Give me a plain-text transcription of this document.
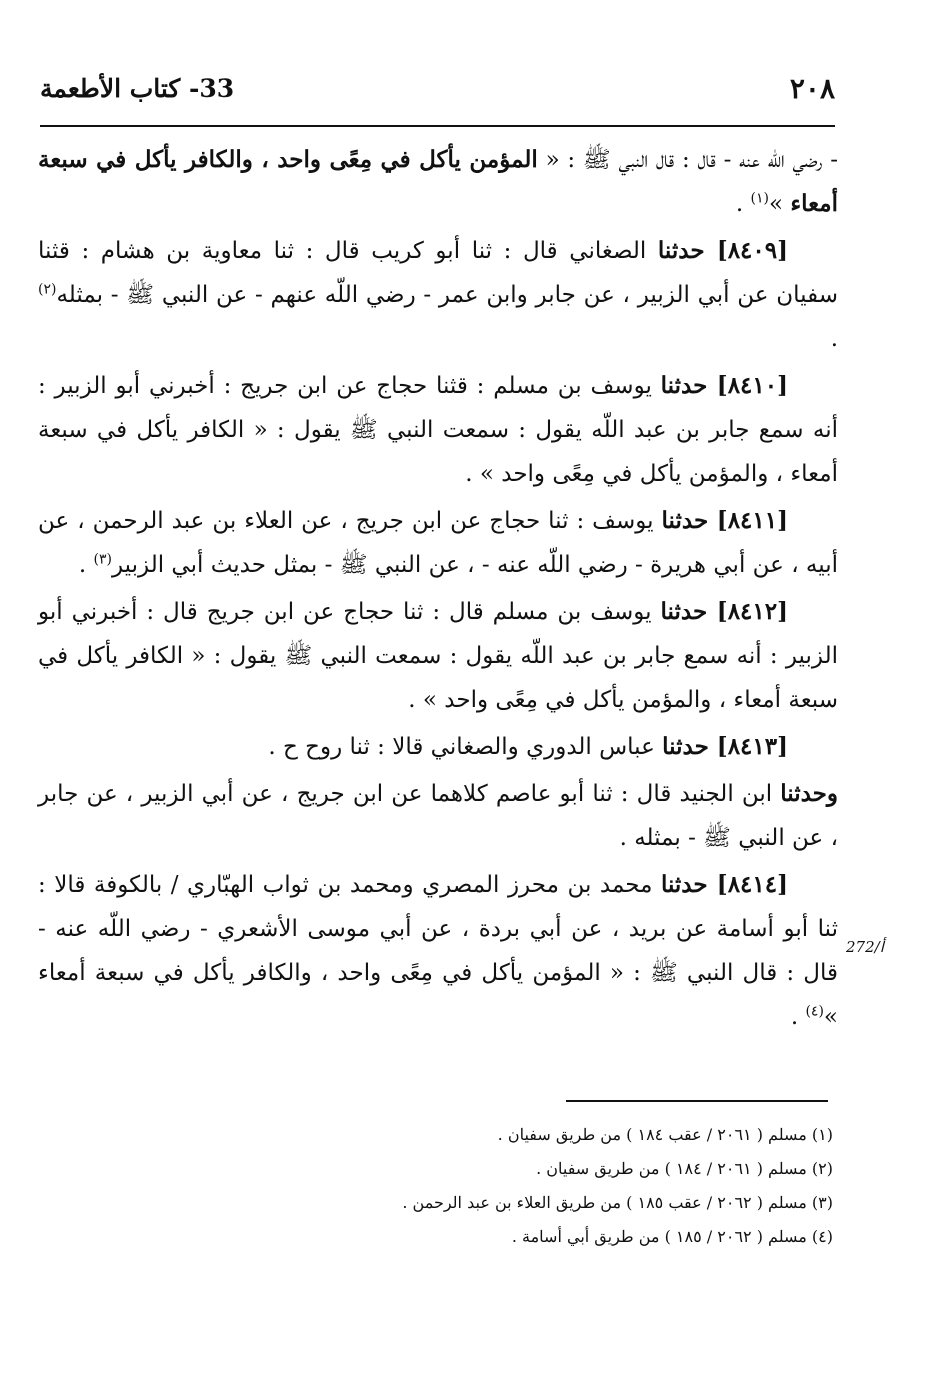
٢٠٨
33- كتاب الأطعمة

- رضي اللّه عنه - قال : قال النبي ﷺ : « المؤمن يأكل في مِعًى واحد ، والكافر يأكل في سبعة أمعاء »$^{(١)}$ .

[٨٤٠٩] حدثنا الصغاني قال : ثنا أبو كريب قال : ثنا معاوية بن هشام : قثنا سفيان عن أبي الزبير ، عن جابر وابن عمر - رضي اللّه عنهم - عن النبي ﷺ - بمثله$^{(٢)}$ .

[٨٤١٠] حدثنا يوسف بن مسلم : قثنا حجاج عن ابن جريج : أخبرني أبو الزبير : أنه سمع جابر بن عبد اللّه يقول : سمعت النبي ﷺ يقول : « الكافر يأكل في سبعة أمعاء ، والمؤمن يأكل في مِعًى واحد » .

[٨٤١١] حدثنا يوسف : ثنا حجاج عن ابن جريج ، عن العلاء بن عبد الرحمن ، عن أبيه ، عن أبي هريرة - رضي اللّه عنه - ، عن النبي ﷺ - بمثل حديث أبي الزبير$^{(٣)}$ .

[٨٤١٢] حدثنا يوسف بن مسلم قال : ثنا حجاج عن ابن جريج قال : أخبرني أبو الزبير : أنه سمع جابر بن عبد اللّه يقول : سمعت النبي ﷺ يقول : « الكافر يأكل في سبعة أمعاء ، والمؤمن يأكل في مِعًى واحد » .

[٨٤١٣] حدثنا عباس الدوري والصغاني قالا : ثنا روح ح .

وحدثنا ابن الجنيد قال : ثنا أبو عاصم كلاهما عن ابن جريج ، عن أبي الزبير ، عن جابر ، عن النبي ﷺ - بمثله .

[٨٤١٤] حدثنا محمد بن محرز المصري ومحمد بن ثواب الهبّاري / بالكوفة قالا : ثنا أبو أسامة عن بريد ، عن أبي بردة ، عن أبي موسى الأشعري - رضي اللّه عنه - قال : قال النبي ﷺ : « المؤمن يأكل في مِعًى واحد ، والكافر يأكل في سبعة أمعاء »$^{(٤)}$ .

272/أ

(١) مسلم ( ٢٠٦١ / عقب ١٨٤ ) من طريق سفيان .

(٢) مسلم ( ٢٠٦١ / ١٨٤ ) من طريق سفيان .

(٣) مسلم ( ٢٠٦٢ / عقب ١٨٥ ) من طريق العلاء بن عبد الرحمن .

(٤) مسلم ( ٢٠٦٢ / ١٨٥ ) من طريق أبي أسامة .
